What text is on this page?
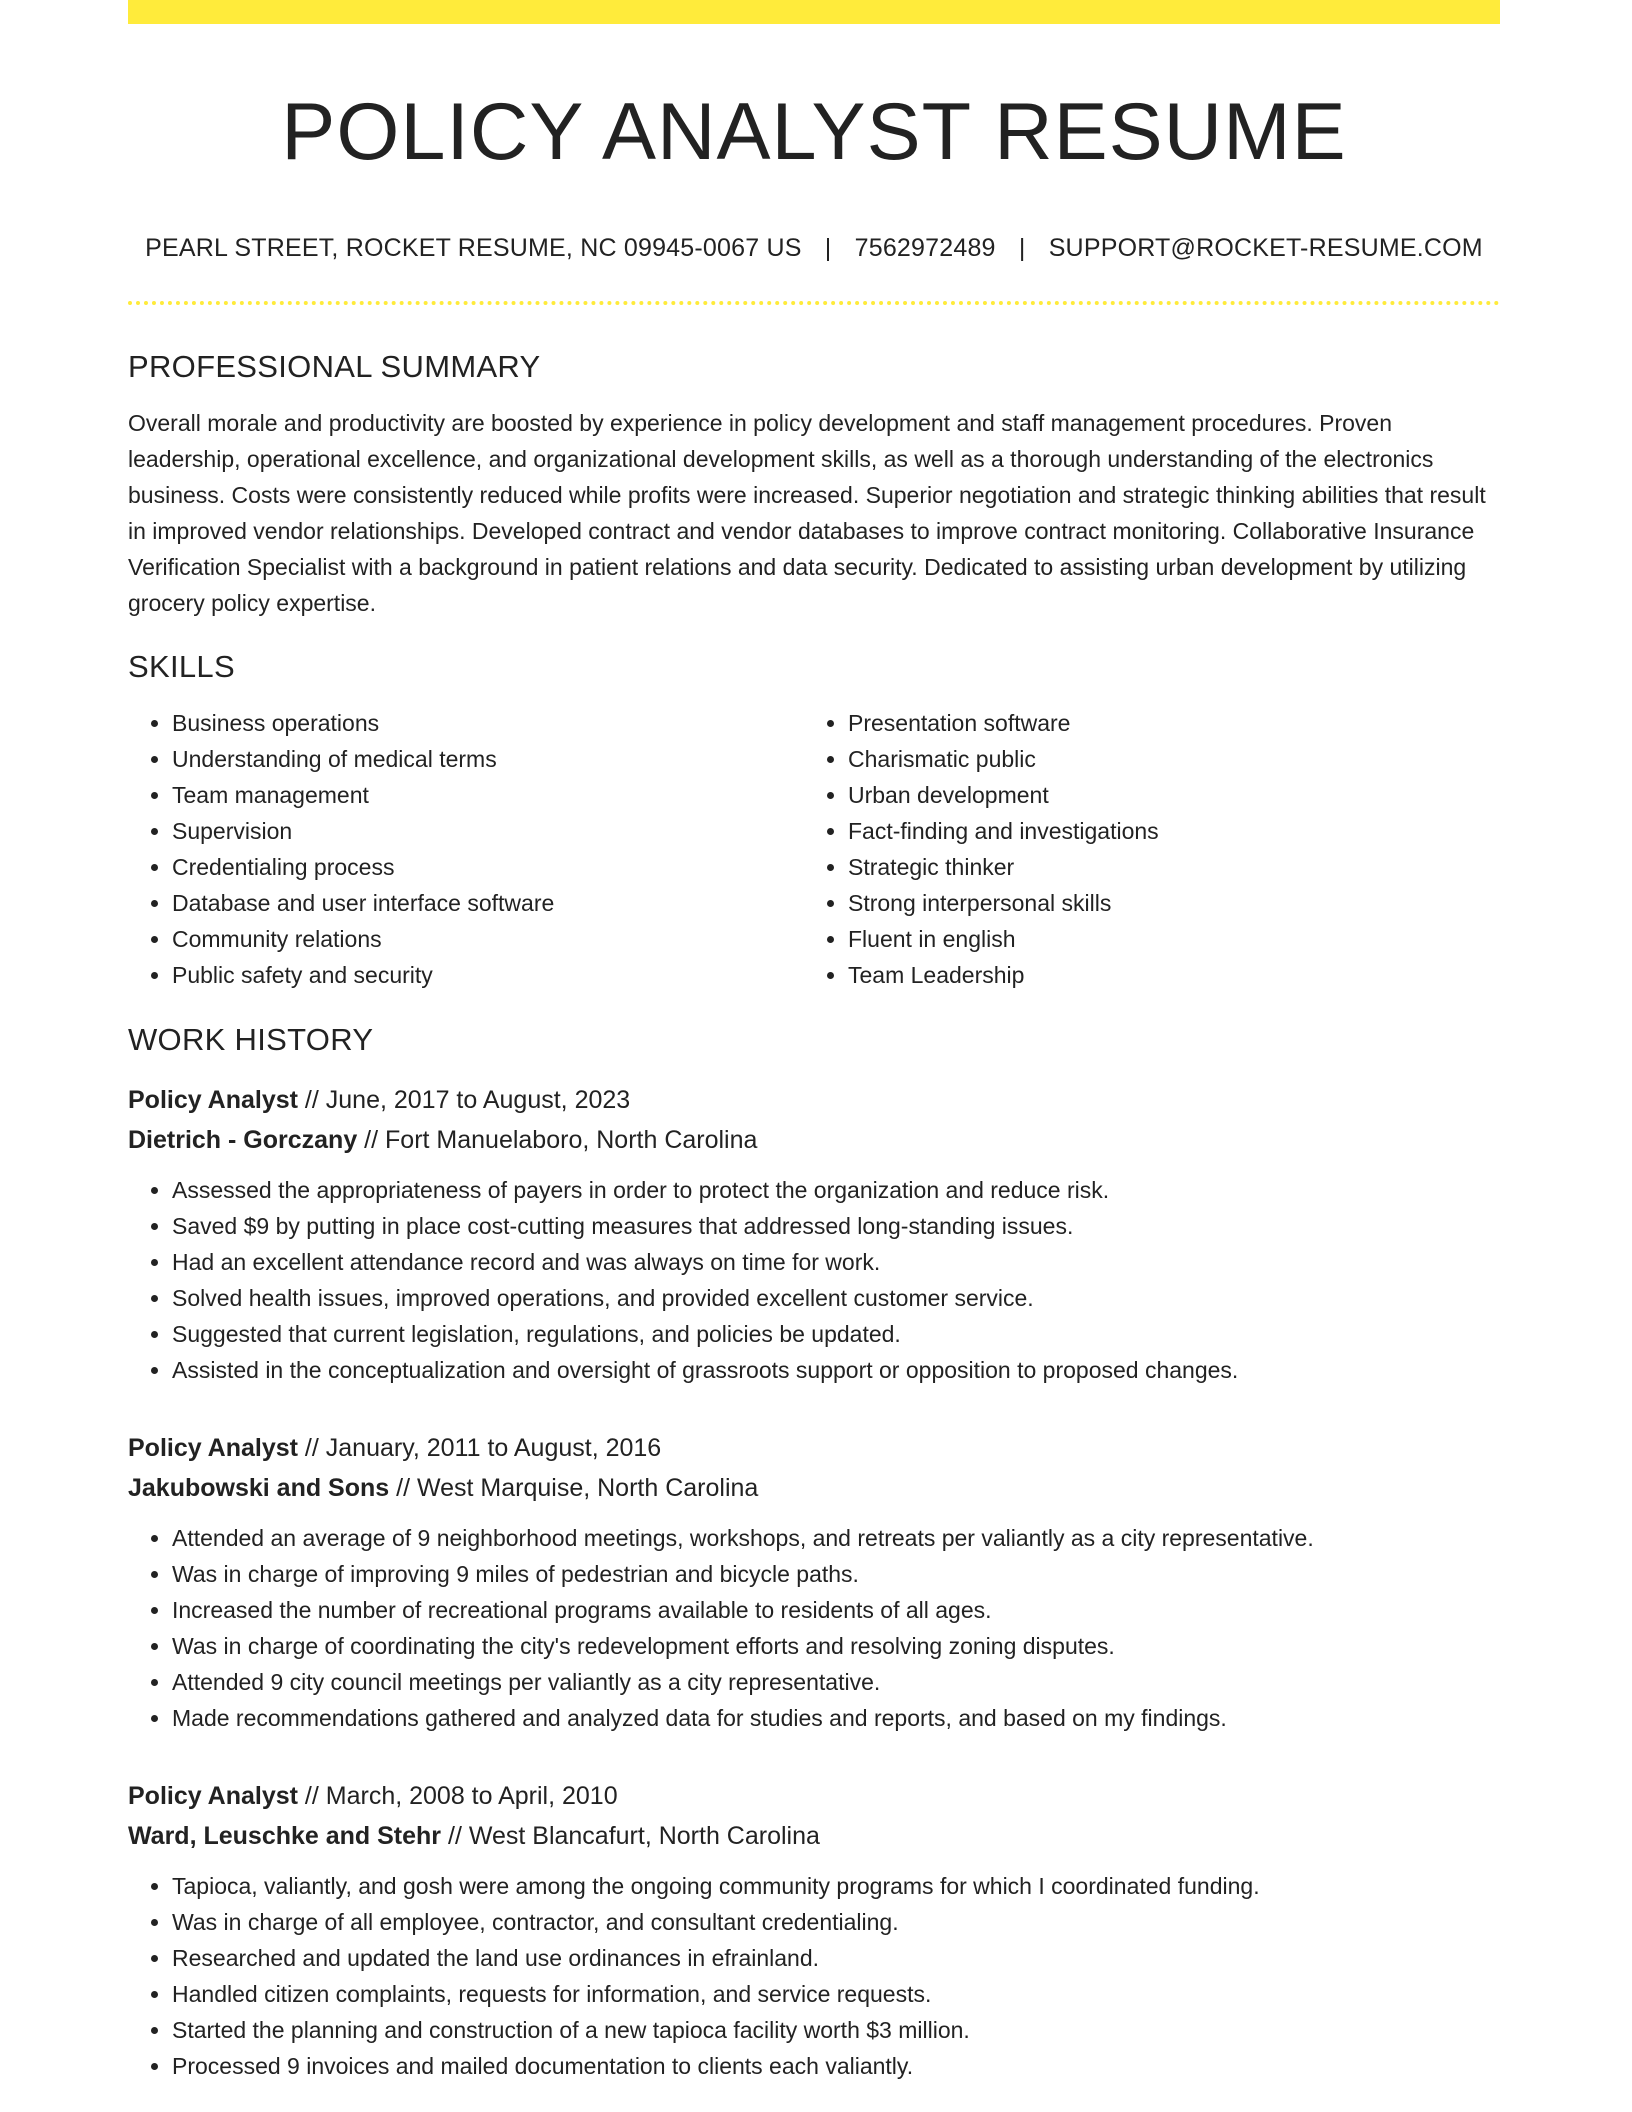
POLICY ANALYST RESUME
PEARL STREET, ROCKET RESUME, NC 09945-0067 US | 7562972489 | SUPPORT@ROCKET-RESUME.COM
PROFESSIONAL SUMMARY

Overall morale and productivity are boosted by experience in policy development and staff management procedures. Proven leadership, operational excellence, and organizational development skills, as well as a thorough understanding of the electronics business. Costs were consistently reduced while profits were increased. Superior negotiation and strategic thinking abilities that result in improved vendor relationships. Developed contract and vendor databases to improve contract monitoring. Collaborative Insurance Verification Specialist with a background in patient relations and data security. Dedicated to assisting urban development by utilizing grocery policy expertise.

SKILLS
• Business operations
• Understanding of medical terms
• Team management
• Supervision
• Credentialing process
• Database and user interface software
• Community relations
• Public safety and security
• Presentation software
• Charismatic public
• Urban development
• Fact-finding and investigations
• Strategic thinker
• Strong interpersonal skills
• Fluent in english
• Team Leadership
WORK HISTORY
Policy Analyst // June, 2017 to August, 2023
Dietrich - Gorczany // Fort Manuelaboro, North Carolina
• Assessed the appropriateness of payers in order to protect the organization and reduce risk.
• Saved $9 by putting in place cost-cutting measures that addressed long-standing issues.
• Had an excellent attendance record and was always on time for work.
• Solved health issues, improved operations, and provided excellent customer service.
• Suggested that current legislation, regulations, and policies be updated.
• Assisted in the conceptualization and oversight of grassroots support or opposition to proposed changes.
Policy Analyst // January, 2011 to August, 2016
Jakubowski and Sons // West Marquise, North Carolina
• Attended an average of 9 neighborhood meetings, workshops, and retreats per valiantly as a city representative.
• Was in charge of improving 9 miles of pedestrian and bicycle paths.
• Increased the number of recreational programs available to residents of all ages.
• Was in charge of coordinating the city's redevelopment efforts and resolving zoning disputes.
• Attended 9 city council meetings per valiantly as a city representative.
• Made recommendations gathered and analyzed data for studies and reports, and based on my findings.
Policy Analyst // March, 2008 to April, 2010
Ward, Leuschke and Stehr // West Blancafurt, North Carolina
• Tapioca, valiantly, and gosh were among the ongoing community programs for which I coordinated funding.
• Was in charge of all employee, contractor, and consultant credentialing.
• Researched and updated the land use ordinances in efrainland.
• Handled citizen complaints, requests for information, and service requests.
• Started the planning and construction of a new tapioca facility worth $3 million.
• Processed 9 invoices and mailed documentation to clients each valiantly.
